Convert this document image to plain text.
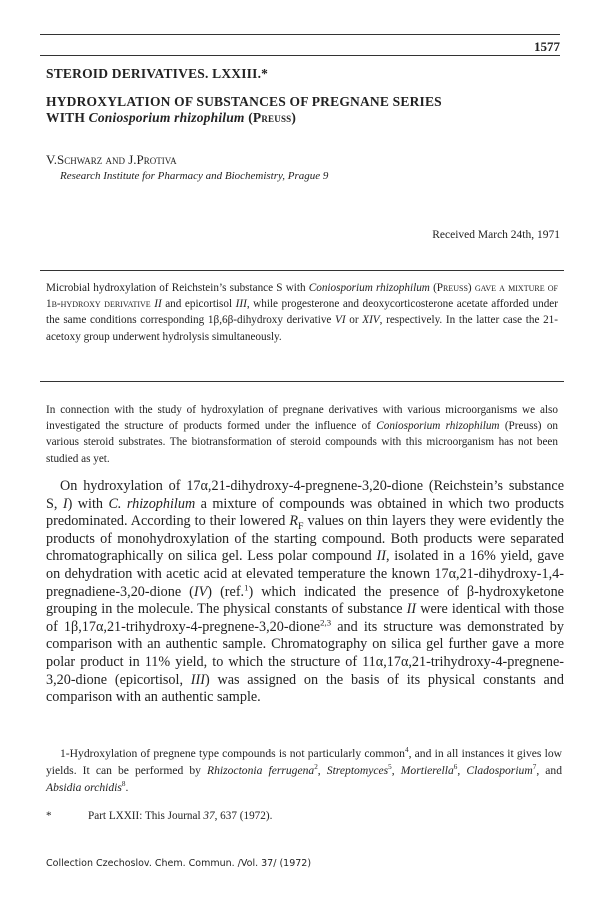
1577
STEROID DERIVATIVES. LXXIII.*
HYDROXYLATION OF SUBSTANCES OF PREGNANE SERIES
WITH Coniosporium rhizophilum (Preuss)
V.Schwarz and J.Protiva
Research Institute for Pharmacy and Biochemistry, Prague 9
Received March 24th, 1971
Microbial hydroxylation of Reichstein’s substance S with Coniosporium rhizophilum (Preuss) gave a mixture of 1β-hydroxy derivative II and epicortisol III, while progesterone and deoxycorticosterone acetate afforded under the same conditions corresponding 1β,6β-dihydroxy derivative VI or XIV, respectively. In the latter case the 21-acetoxy group underwent hydrolysis simultaneously.
In connection with the study of hydroxylation of pregnane derivatives with various microorganisms we also investigated the structure of products formed under the influence of Coniosporium rhizophilum (Preuss) on various steroid substrates. The biotransformation of steroid compounds with this microorganism has not been studied as yet.

On hydroxylation of 17α,21-dihydroxy-4-pregnene-3,20-dione (Reichstein’s substance S, I) with C. rhizophilum a mixture of compounds was obtained in which two products predominated. According to their lowered $R_F$ values on thin layers they were evidently the products of monohydroxylation of the starting compound. Both products were separated chromatographically on silica gel. Less polar compound II, isolated in a 16% yield, gave on dehydration with acetic acid at elevated temperature the known 17α,21-dihydroxy-1,4-pregnadiene-3,20-dione (IV) (ref.$^1$) which indicated the presence of β-hydroxyketone grouping in the molecule. The physical constants of substance II were identical with those of 1β,17α,21-trihydroxy-4-pregnene-3,20-dione$^{2,3}$ and its structure was demonstrated by comparison with an authentic sample. Chromatography on silica gel further gave a more polar product in 11% yield, to which the structure of 11α,17α,21-trihydroxy-4-pregnene-3,20-dione (epicortisol, III) was assigned on the basis of its physical constants and comparison with an authentic sample.

1-Hydroxylation of pregnene type compounds is not particularly common$^4$, and in all instances it gives low yields. It can be performed by Rhizoctonia ferrugena$^2$, Streptomyces$^5$, Mortierella$^6$, Cladosporium$^7$, and Absidia orchidis$^8$.
*	Part LXXII: This Journal 37, 637 (1972).
Collection Czechoslov. Chem. Commun. /Vol. 37/ (1972)
